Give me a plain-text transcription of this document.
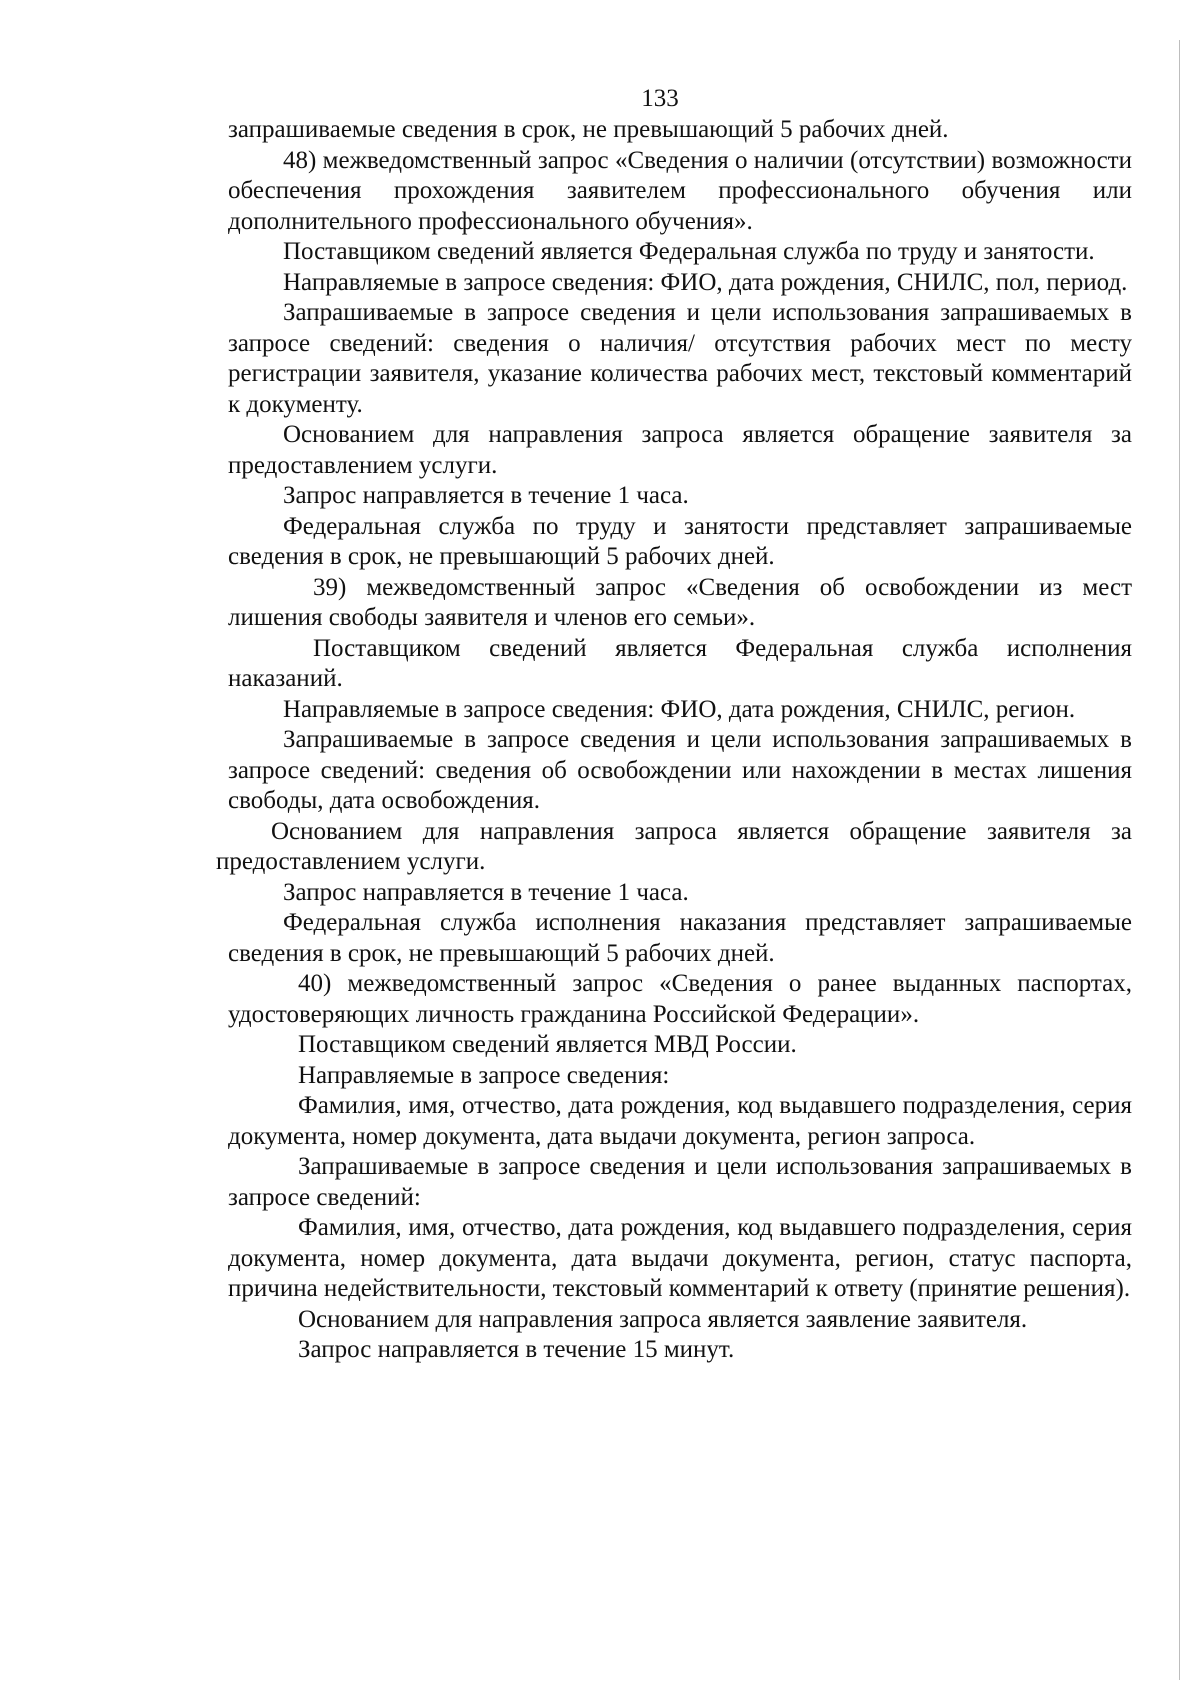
133

запрашиваемые сведения в срок, не превышающий 5 рабочих дней.

48) межведомственный запрос «Сведения о наличии (отсутствии) возможности обеспечения прохождения заявителем профессионального обучения или дополнительного профессионального обучения».

Поставщиком сведений является Федеральная служба по труду и занятости.

Направляемые в запросе сведения: ФИО, дата рождения, СНИЛС, пол, период.

Запрашиваемые в запросе сведения и цели использования запрашиваемых в запросе сведений: сведения о наличия/ отсутствия рабочих мест по месту регистрации заявителя, указание количества рабочих мест, текстовый комментарий к документу.

Основанием для направления запроса является обращение заявителя за предоставлением услуги.

Запрос направляется в течение 1 часа.

Федеральная служба по труду и занятости представляет запрашиваемые сведения в срок, не превышающий 5 рабочих дней.

39) межведомственный запрос «Сведения об освобождении из мест лишения свободы заявителя и членов его семьи».

Поставщиком сведений является Федеральная служба исполнения наказаний.

Направляемые в запросе сведения: ФИО, дата рождения, СНИЛС, регион.

Запрашиваемые в запросе сведения и цели использования запрашиваемых в запросе сведений: сведения об освобождении или нахождении в местах лишения свободы, дата освобождения.

Основанием для направления запроса является обращение заявителя за предоставлением услуги.

Запрос направляется в течение 1 часа.

Федеральная служба исполнения наказания представляет запрашиваемые сведения в срок, не превышающий 5 рабочих дней.

40) межведомственный запрос «Сведения о ранее выданных паспортах, удостоверяющих личность гражданина Российской Федерации».

Поставщиком сведений является МВД России.

Направляемые в запросе сведения:

Фамилия, имя, отчество, дата рождения, код выдавшего подразделения, серия документа, номер документа, дата выдачи документа, регион запроса.

Запрашиваемые в запросе сведения и цели использования запрашиваемых в запросе сведений:

Фамилия, имя, отчество, дата рождения, код выдавшего подразделения, серия документа, номер документа, дата выдачи документа, регион, статус паспорта, причина недействительности, текстовый комментарий к ответу (принятие решения).

Основанием для направления запроса является заявление заявителя.

Запрос направляется в течение 15 минут.
